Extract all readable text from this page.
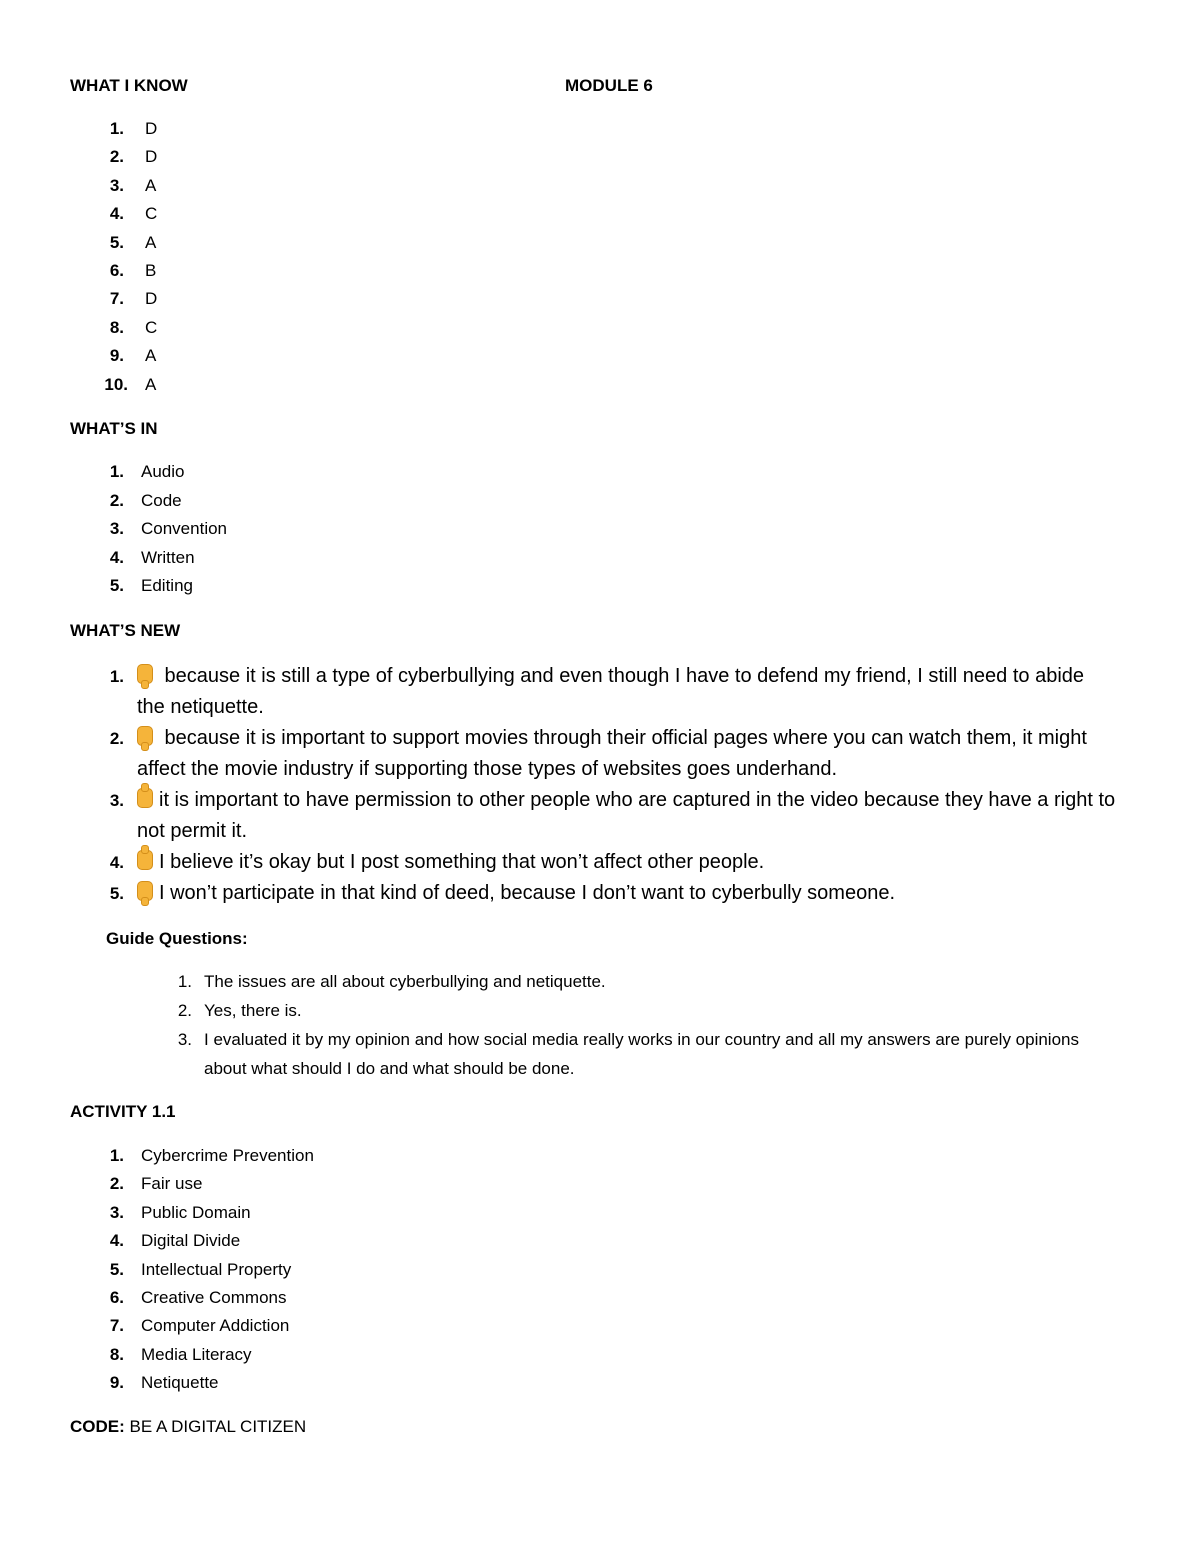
WHAT I KNOW	MODULE 6
1. D
2. D
3. A
4. C
5. A
6. B
7. D
8. C
9. A
10. A
WHAT’S IN
1. Audio
2. Code
3. Convention
4. Written
5. Editing
WHAT’S NEW
1.	because it is still a type of cyberbullying and even though I have to defend my friend, I still need to abide the netiquette.
2.	because it is important to support movies through their official pages where you can watch them, it might affect the movie industry if supporting those types of websites goes underhand.
3.	it is important to have permission to other people who are captured in the video because they have a right to not permit it.
4.	I believe it’s okay but I post something that won’t affect other people.
5.	I won’t participate in that kind of deed, because I don’t want to cyberbully someone.
Guide Questions:
1. The issues are all about cyberbullying and netiquette.
2. Yes, there is.
3. I evaluated it by my opinion and how social media really works in our country and all my answers are purely opinions about what should I do and what should be done.
ACTIVITY 1.1
1. Cybercrime Prevention
2. Fair use
3. Public Domain
4. Digital Divide
5. Intellectual Property
6. Creative Commons
7. Computer Addiction
8. Media Literacy
9. Netiquette
CODE: BE A DIGITAL CITIZEN
